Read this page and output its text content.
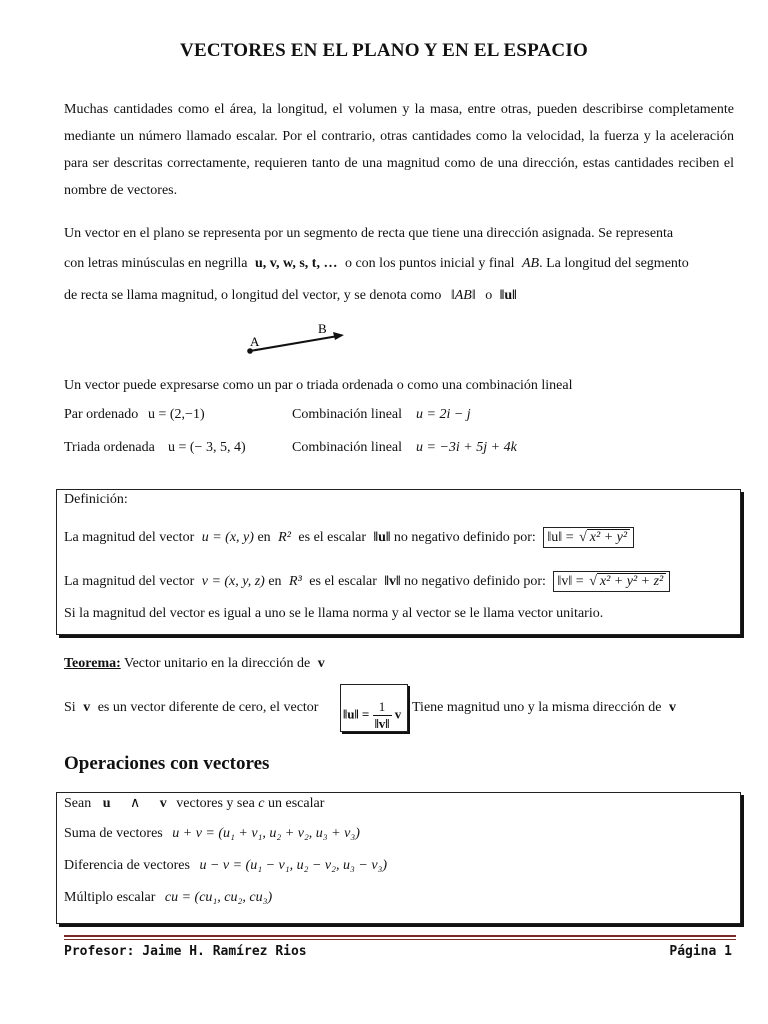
VECTORES EN EL PLANO Y EN EL ESPACIO
Muchas cantidades como el área, la longitud, el volumen y la masa, entre otras, pueden describirse completamente mediante un número llamado escalar. Por el contrario, otras cantidades como la velocidad, la fuerza y la aceleración para ser descritas correctamente, requieren tanto de una magnitud como de una dirección, estas cantidades reciben el nombre de vectores.
Un vector en el plano se representa por un segmento de recta que tiene una dirección asignada. Se representa
con letras minúsculas en negrilla u, v, w, s, t, … o con los puntos inicial y final AB. La longitud del segmento
de recta se llama magnitud, o longitud del vector, y se denota como ‖AB‖ o ‖u‖
A
B
Un vector puede expresarse como un par o triada ordenada o como una combinación lineal
Par ordenado u = (2,−1)	Combinación lineal u = 2i − j
Triada ordenada u = (− 3, 5, 4)	Combinación lineal u = −3i + 5j + 4k
Definición:
La magnitud del vector u = (x, y) en R² es el escalar ‖u‖ no negativo definido por: ‖u‖ = √ x² + y²
La magnitud del vector v = (x, y, z) en R³ es el escalar ‖v‖ no negativo definido por: ‖v‖ = √ x² + y² + z²
Si la magnitud del vector es igual a uno se le llama norma y al vector se le llama vector unitario.
Teorema: Vector unitario en la dirección de v
Si v es un vector diferente de cero, el vector ‖u‖ = $\frac{1}{‖v‖}$ v Tiene magnitud uno y la misma dirección de v
Operaciones con vectores
Sean u ∧ v vectores y sea c un escalar
Suma de vectores u + v = (u₁ + v₁, u₂ + v₂, u₃ + v₃)
Diferencia de vectores u − v = (u₁ − v₁, u₂ − v₂, u₃ − v₃)
Múltiplo escalar cu = (cu₁, cu₂, cu₃)
Profesor: Jaime H. Ramírez Rios	Página 1
